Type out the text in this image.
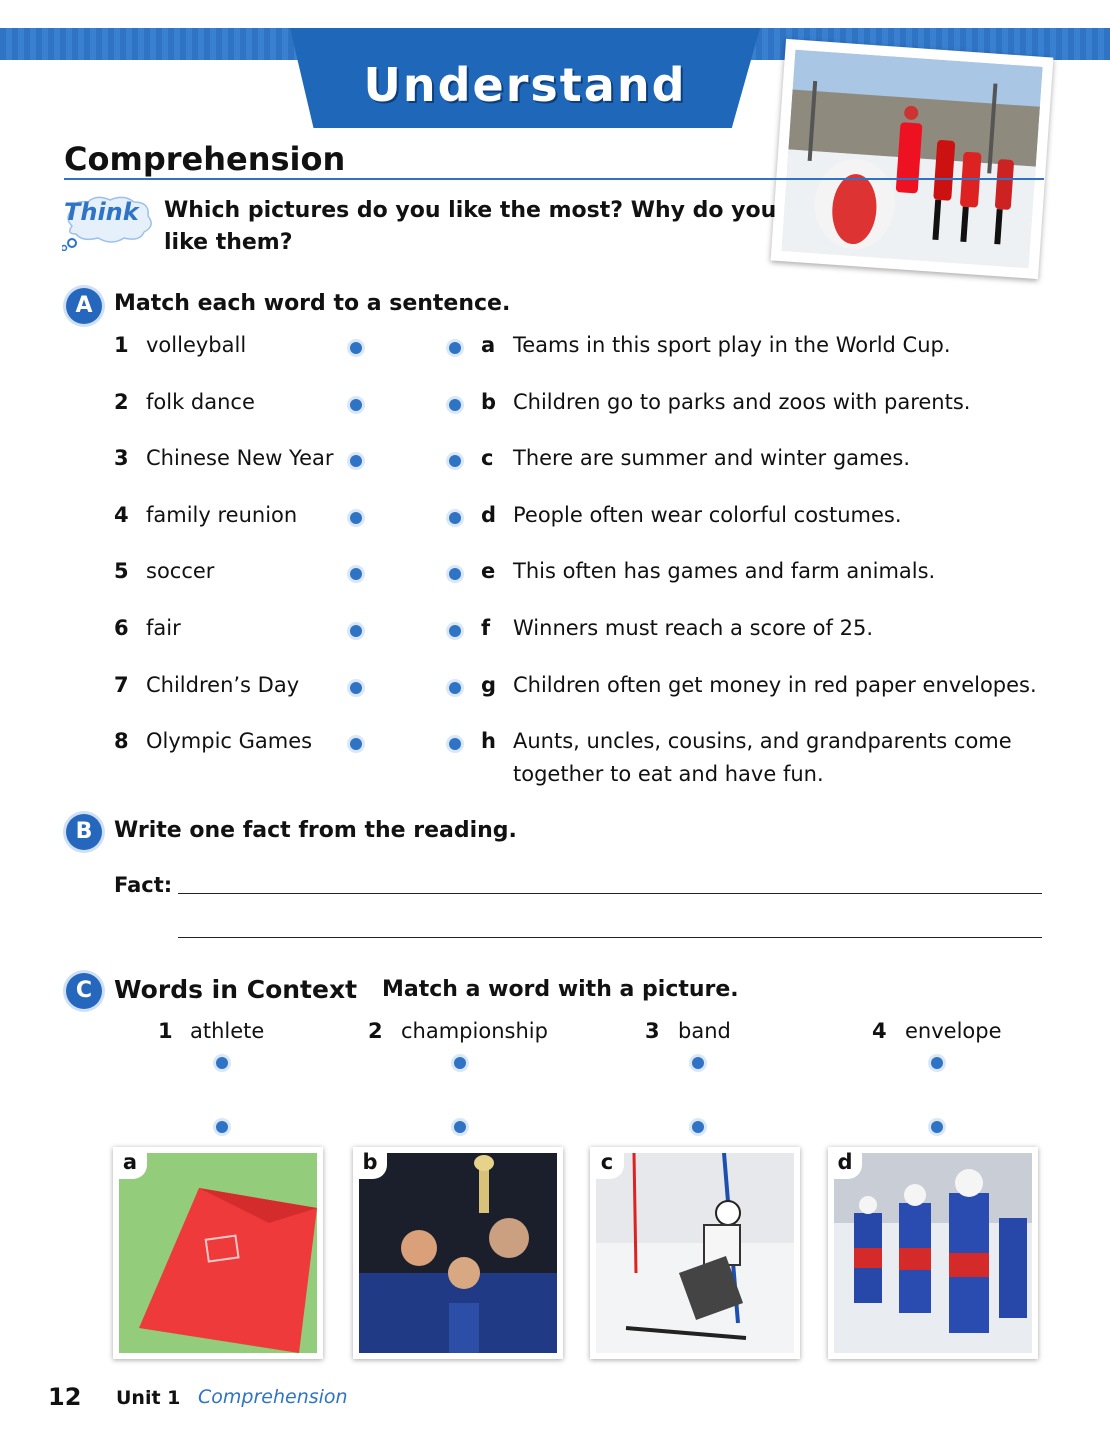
Understand
Comprehension
Think Which pictures do you like the most? Why do you
like them?
A Match each word to a sentence.
1 volleyball
2 folk dance
3 Chinese New Year
4 family reunion
5 soccer
6 fair
7 Children’s Day
8 Olympic Games
a Teams in this sport play in the World Cup.
b Children go to parks and zoos with parents.
c There are summer and winter games.
d People often wear colorful costumes.
e This often has games and farm animals.
f Winners must reach a score of 25.
g Children often get money in red paper envelopes.
h Aunts, uncles, cousins, and grandparents come
together to eat and have fun.
B Write one fact from the reading.
Fact:
C Words in Context Match a word with a picture.
1 athlete	2 championship	3 band	4 envelope
a	b	c	d
12 Unit 1 Comprehension
